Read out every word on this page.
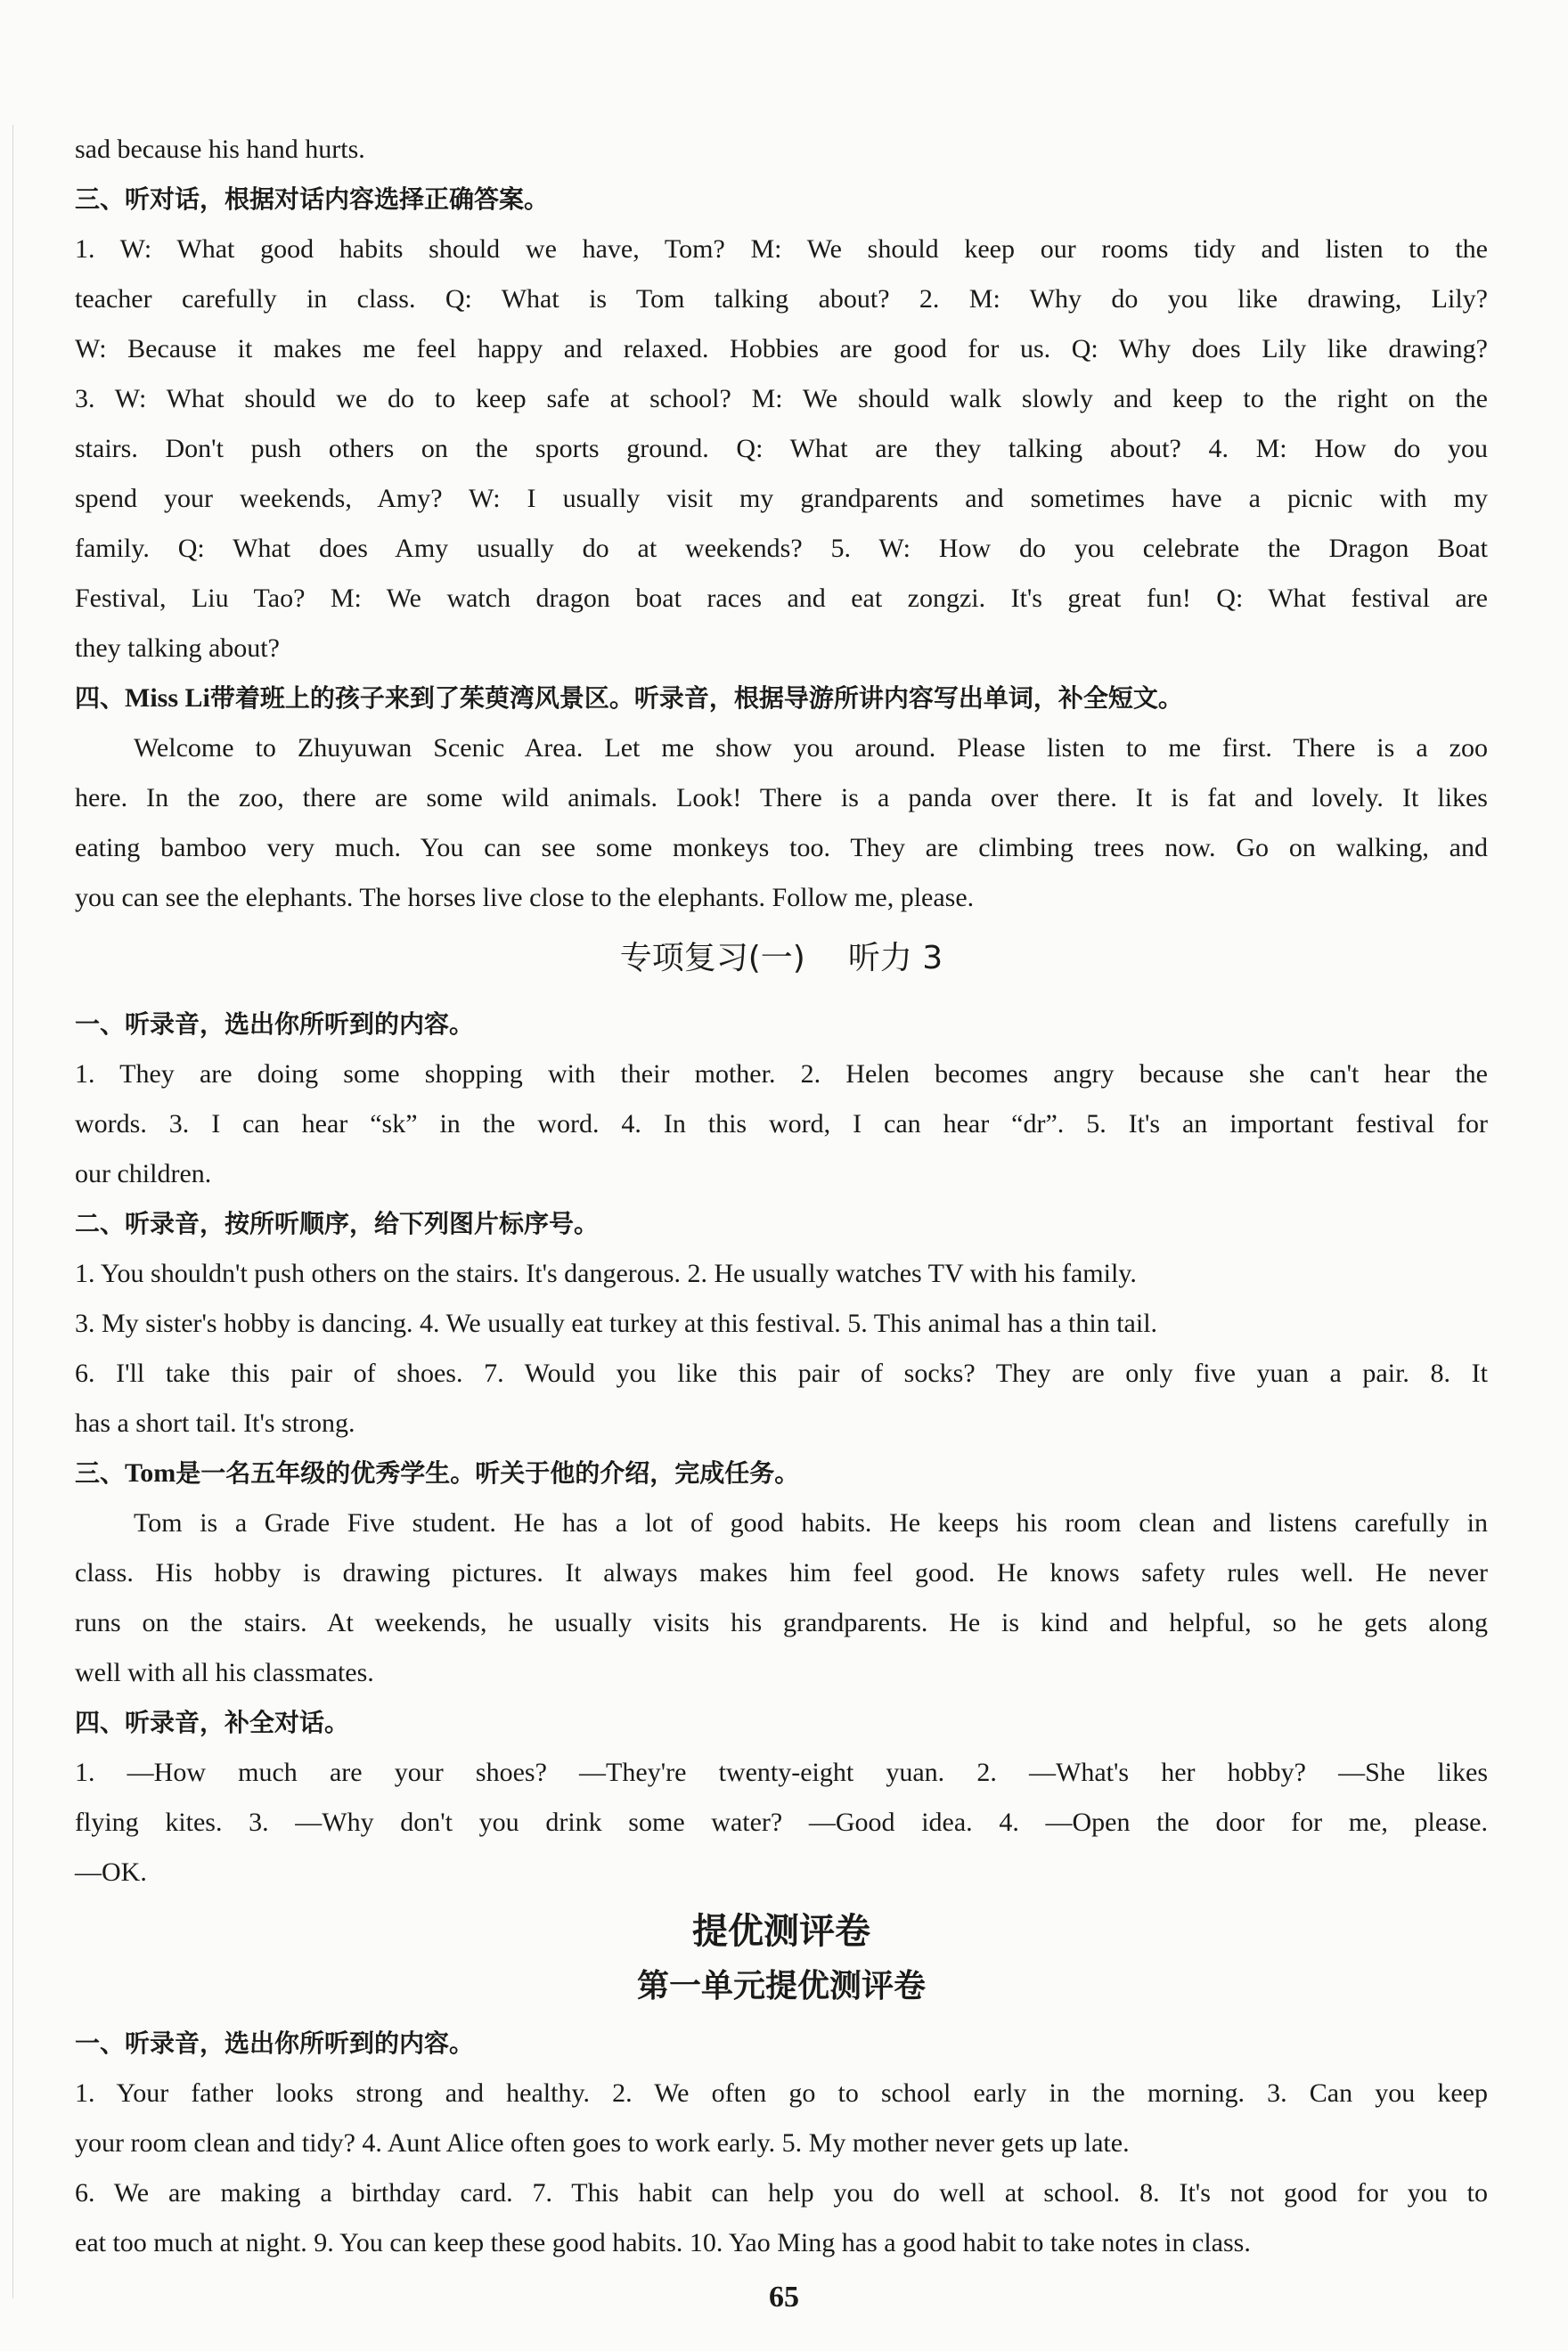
sad because his hand hurts.
三、听对话，根据对话内容选择正确答案。
1. W: What good habits should we have, Tom? M: We should keep our rooms tidy and listen to the
teacher carefully in class. Q: What is Tom talking about? 2. M: Why do you like drawing, Lily?
W: Because it makes me feel happy and relaxed. Hobbies are good for us. Q: Why does Lily like drawing?
3. W: What should we do to keep safe at school? M: We should walk slowly and keep to the right on the
stairs. Don't push others on the sports ground. Q: What are they talking about? 4. M: How do you
spend your weekends, Amy? W: I usually visit my grandparents and sometimes have a picnic with my
family. Q: What does Amy usually do at weekends? 5. W: How do you celebrate the Dragon Boat
Festival, Liu Tao? M: We watch dragon boat races and eat zongzi. It's great fun! Q: What festival are
they talking about?
四、Miss Li带着班上的孩子来到了茱萸湾风景区。听录音，根据导游所讲内容写出单词，补全短文。
Welcome to Zhuyuwan Scenic Area. Let me show you around. Please listen to me first. There is a zoo
here. In the zoo, there are some wild animals. Look! There is a panda over there. It is fat and lovely. It likes
eating bamboo very much. You can see some monkeys too. They are climbing trees now. Go on walking, and
you can see the elephants. The horses live close to the elephants. Follow me, please.
专项复习(一) 听力 3
一、听录音，选出你所听到的内容。
1. They are doing some shopping with their mother. 2. Helen becomes angry because she can't hear the
words. 3. I can hear “sk” in the word. 4. In this word, I can hear “dr”. 5. It's an important festival for
our children.
二、听录音，按所听顺序，给下列图片标序号。
1. You shouldn't push others on the stairs. It's dangerous. 2. He usually watches TV with his family.
3. My sister's hobby is dancing. 4. We usually eat turkey at this festival. 5. This animal has a thin tail.
6. I'll take this pair of shoes. 7. Would you like this pair of socks? They are only five yuan a pair. 8. It
has a short tail. It's strong.
三、Tom是一名五年级的优秀学生。听关于他的介绍，完成任务。
Tom is a Grade Five student. He has a lot of good habits. He keeps his room clean and listens carefully in
class. His hobby is drawing pictures. It always makes him feel good. He knows safety rules well. He never
runs on the stairs. At weekends, he usually visits his grandparents. He is kind and helpful, so he gets along
well with all his classmates.
四、听录音，补全对话。
1. —How much are your shoes? —They're twenty-eight yuan. 2. —What's her hobby? —She likes
flying kites. 3. —Why don't you drink some water? —Good idea. 4. —Open the door for me, please.
—OK.
提优测评卷
第一单元提优测评卷
一、听录音，选出你所听到的内容。
1. Your father looks strong and healthy. 2. We often go to school early in the morning. 3. Can you keep
your room clean and tidy? 4. Aunt Alice often goes to work early. 5. My mother never gets up late.
6. We are making a birthday card. 7. This habit can help you do well at school. 8. It's not good for you to
eat too much at night. 9. You can keep these good habits. 10. Yao Ming has a good habit to take notes in class.
65
